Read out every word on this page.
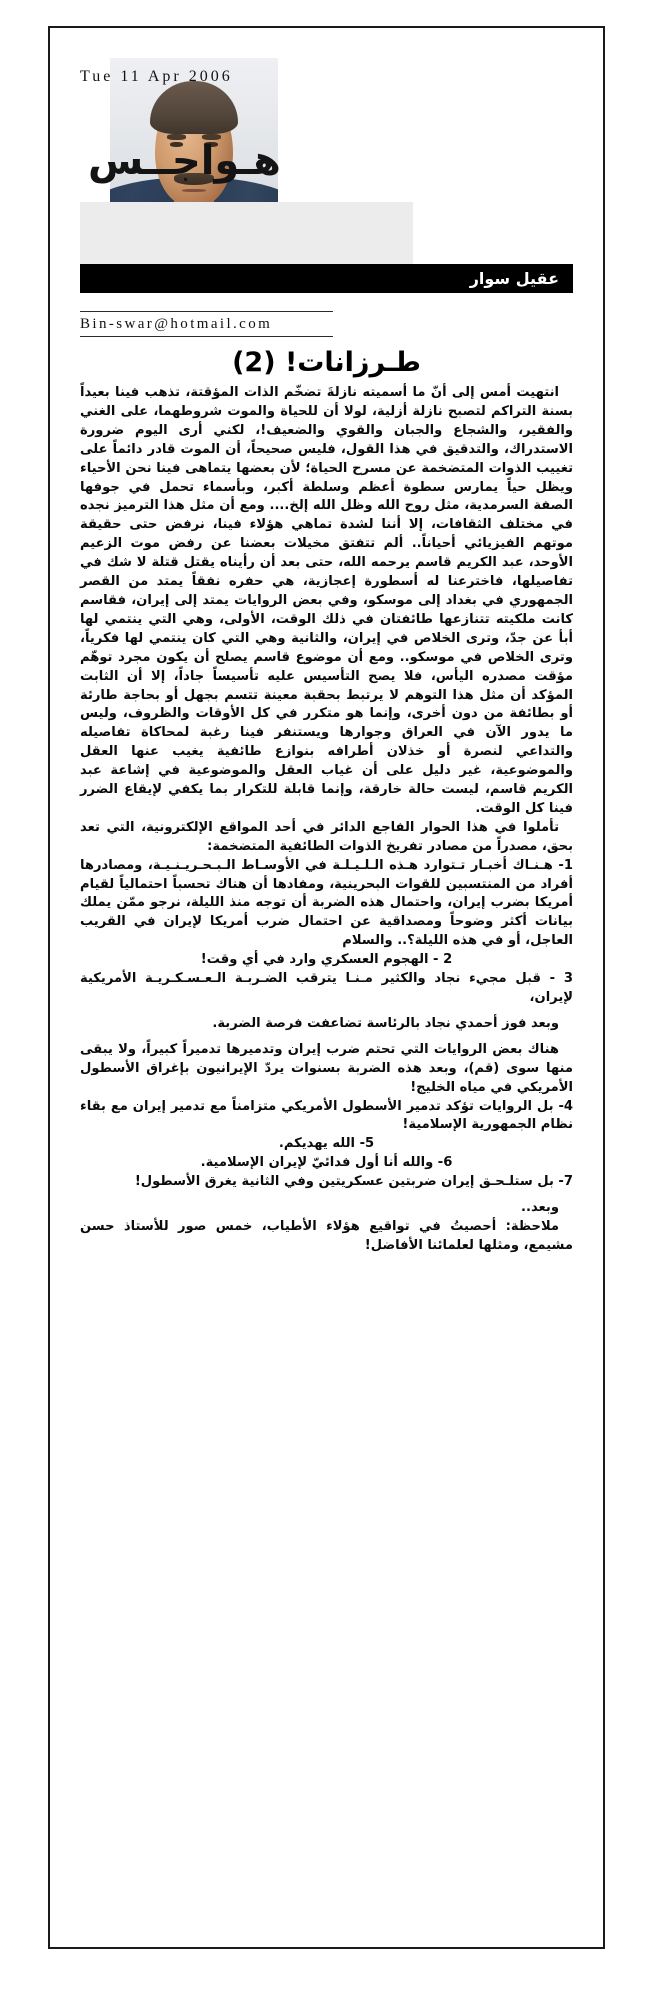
Tue 11 Apr 2006
هـواجــس
عقيل سوار
Bin-swar@hotmail.com
طـرزانات! (2)

انتهيت أمس إلى أنّ ما أسميته نازلةَ تضخّم الذات المؤقتة، تذهب فينا بعيداً بسنة التراكم لتصبح نازلة أزلية، لولا أن للحياة والموت شروطهما، على الغني والفقير، والشجاع والجبان والقوي والضعيف!، لكني أرى اليوم ضرورة الاستدراك، والتدقيق في هذا القول، فليس صحيحاً، أن الموت قادر دائماً على تغييب الذوات المتضخمة عن مسرح الحياة؛ لأن بعضها يتماهى فينا نحن الأحياء ويظل حياً يمارس سطوة أعظم وسلطة أكبر، وبأسماء تحمل في جوفها الصفة السرمدية، مثل روح الله وظل الله إلخ.... ومع أن مثل هذا الترميز نجده في مختلف الثقافات، إلا أننا لشدة تماهي هؤلاء فينا، نرفض حتى حقيقة موتهم الفيزيائي أحياناً.. ألم تتفتق مخيلات بعضنا عن رفض موت الزعيم الأوحد، عبد الكريم قاسم يرحمه الله، حتى بعد أن رأيناه يقتل قتلة لا شك في تفاصيلها، فاخترعنا له أسطورة إعجازية، هي حفره نفقاً يمتد من القصر الجمهوري في بغداد إلى موسكو، وفي بعض الروايات يمتد إلى إيران، فقاسم كانت ملكيته تتنازعها طائفتان في ذلك الوقت، الأولى، وهي التي ينتمي لها أبأ عن جدّ، وترى الخلاص في إيران، والثانية وهي التي كان ينتمي لها فكرياً، وترى الخلاص في موسكو.. ومع أن موضوع قاسم يصلح أن يكون مجرد توهّم مؤقت مصدره اليأس، فلا يصح التأسيس عليه تأسيساً جاداً، إلا أن الثابت المؤكد أن مثل هذا التوهم لا يرتبط بحقبة معينة تتسم بجهل أو بحاجة طارئة أو بطائفة من دون أخرى، وإنما هو متكرر في كل الأوقات والظروف، وليس ما يدور الآن في العراق وجوارها ويستنفر فينا رغبة لمحاكاة تفاصيله والتداعي لنصرة أو خذلان أطرافه بنوازع طائفية يغيب عنها العقل والموضوعية، غير دليل على أن غياب العقل والموضوعية في إشاعة عبد الكريم قاسم، ليست حالة خارقة، وإنما قابلة للتكرار بما يكفي لإيقاع الضرر فينا كل الوقت.

تأملوا في هذا الحوار الفاجع الدائر في أحد المواقع الإلكترونية، التي تعد بحق، مصدراً من مصادر تفريخ الذوات الطائفية المتضخمة:

1- هـنـاك أخبـار تـتوارد هـذه الـلـيـلـة في الأوسـاط الـبـحـريـنـيـة، ومصادرها أفراد من المنتسبين للقوات البحرينية، ومفادها أن هناك تحسباً احتمالياً لقيام أمريكا بضرب إيران، واحتمال هذه الضربة أن توجه منذ الليلة، نرجو ممّن يملك بيانات أكثر وضوحاً ومصداقية عن احتمال ضرب أمريكا لإيران في القريب العاجل، أو في هذه الليلة؟.. والسلام

2 - الهجوم العسكري وارد في أي وقت!

3 - قبل مجيء نجاد والكثير مـنـا يترقب الضـربـة الـعـسـكـريـة الأمريكية لإيران،

وبعد فوز أحمدي نجاد بالرئاسة تضاعفت فرصة الضربة.

هناك بعض الروايات التي تحتم ضرب إيران وتدميرها تدميراً كبيراً، ولا يبقى منها سوى (قم)، وبعد هذه الضربة بسنوات يردّ الإيرانيون بإغراق الأسطول الأمريكي في مياه الخليج!

4- بل الروايات تؤكد تدمير الأسطول الأمريكي متزامناً مع تدمير إيران مع بقاء نظام الجمهورية الإسلامية!

5- الله يهديكم.

6- والله أنا أول فدائيّ لإيران الإسلامية.

7- بل ستلـحـق إيران ضربتين عسكريتين وفي الثانية يغرق الأسطول!

وبعد..

ملاحظة: أحصيتُ في تواقيع هؤلاء الأطياب، خمس صور للأستاذ حسن مشيمع، ومثلها لعلمائنا الأفاضل!
